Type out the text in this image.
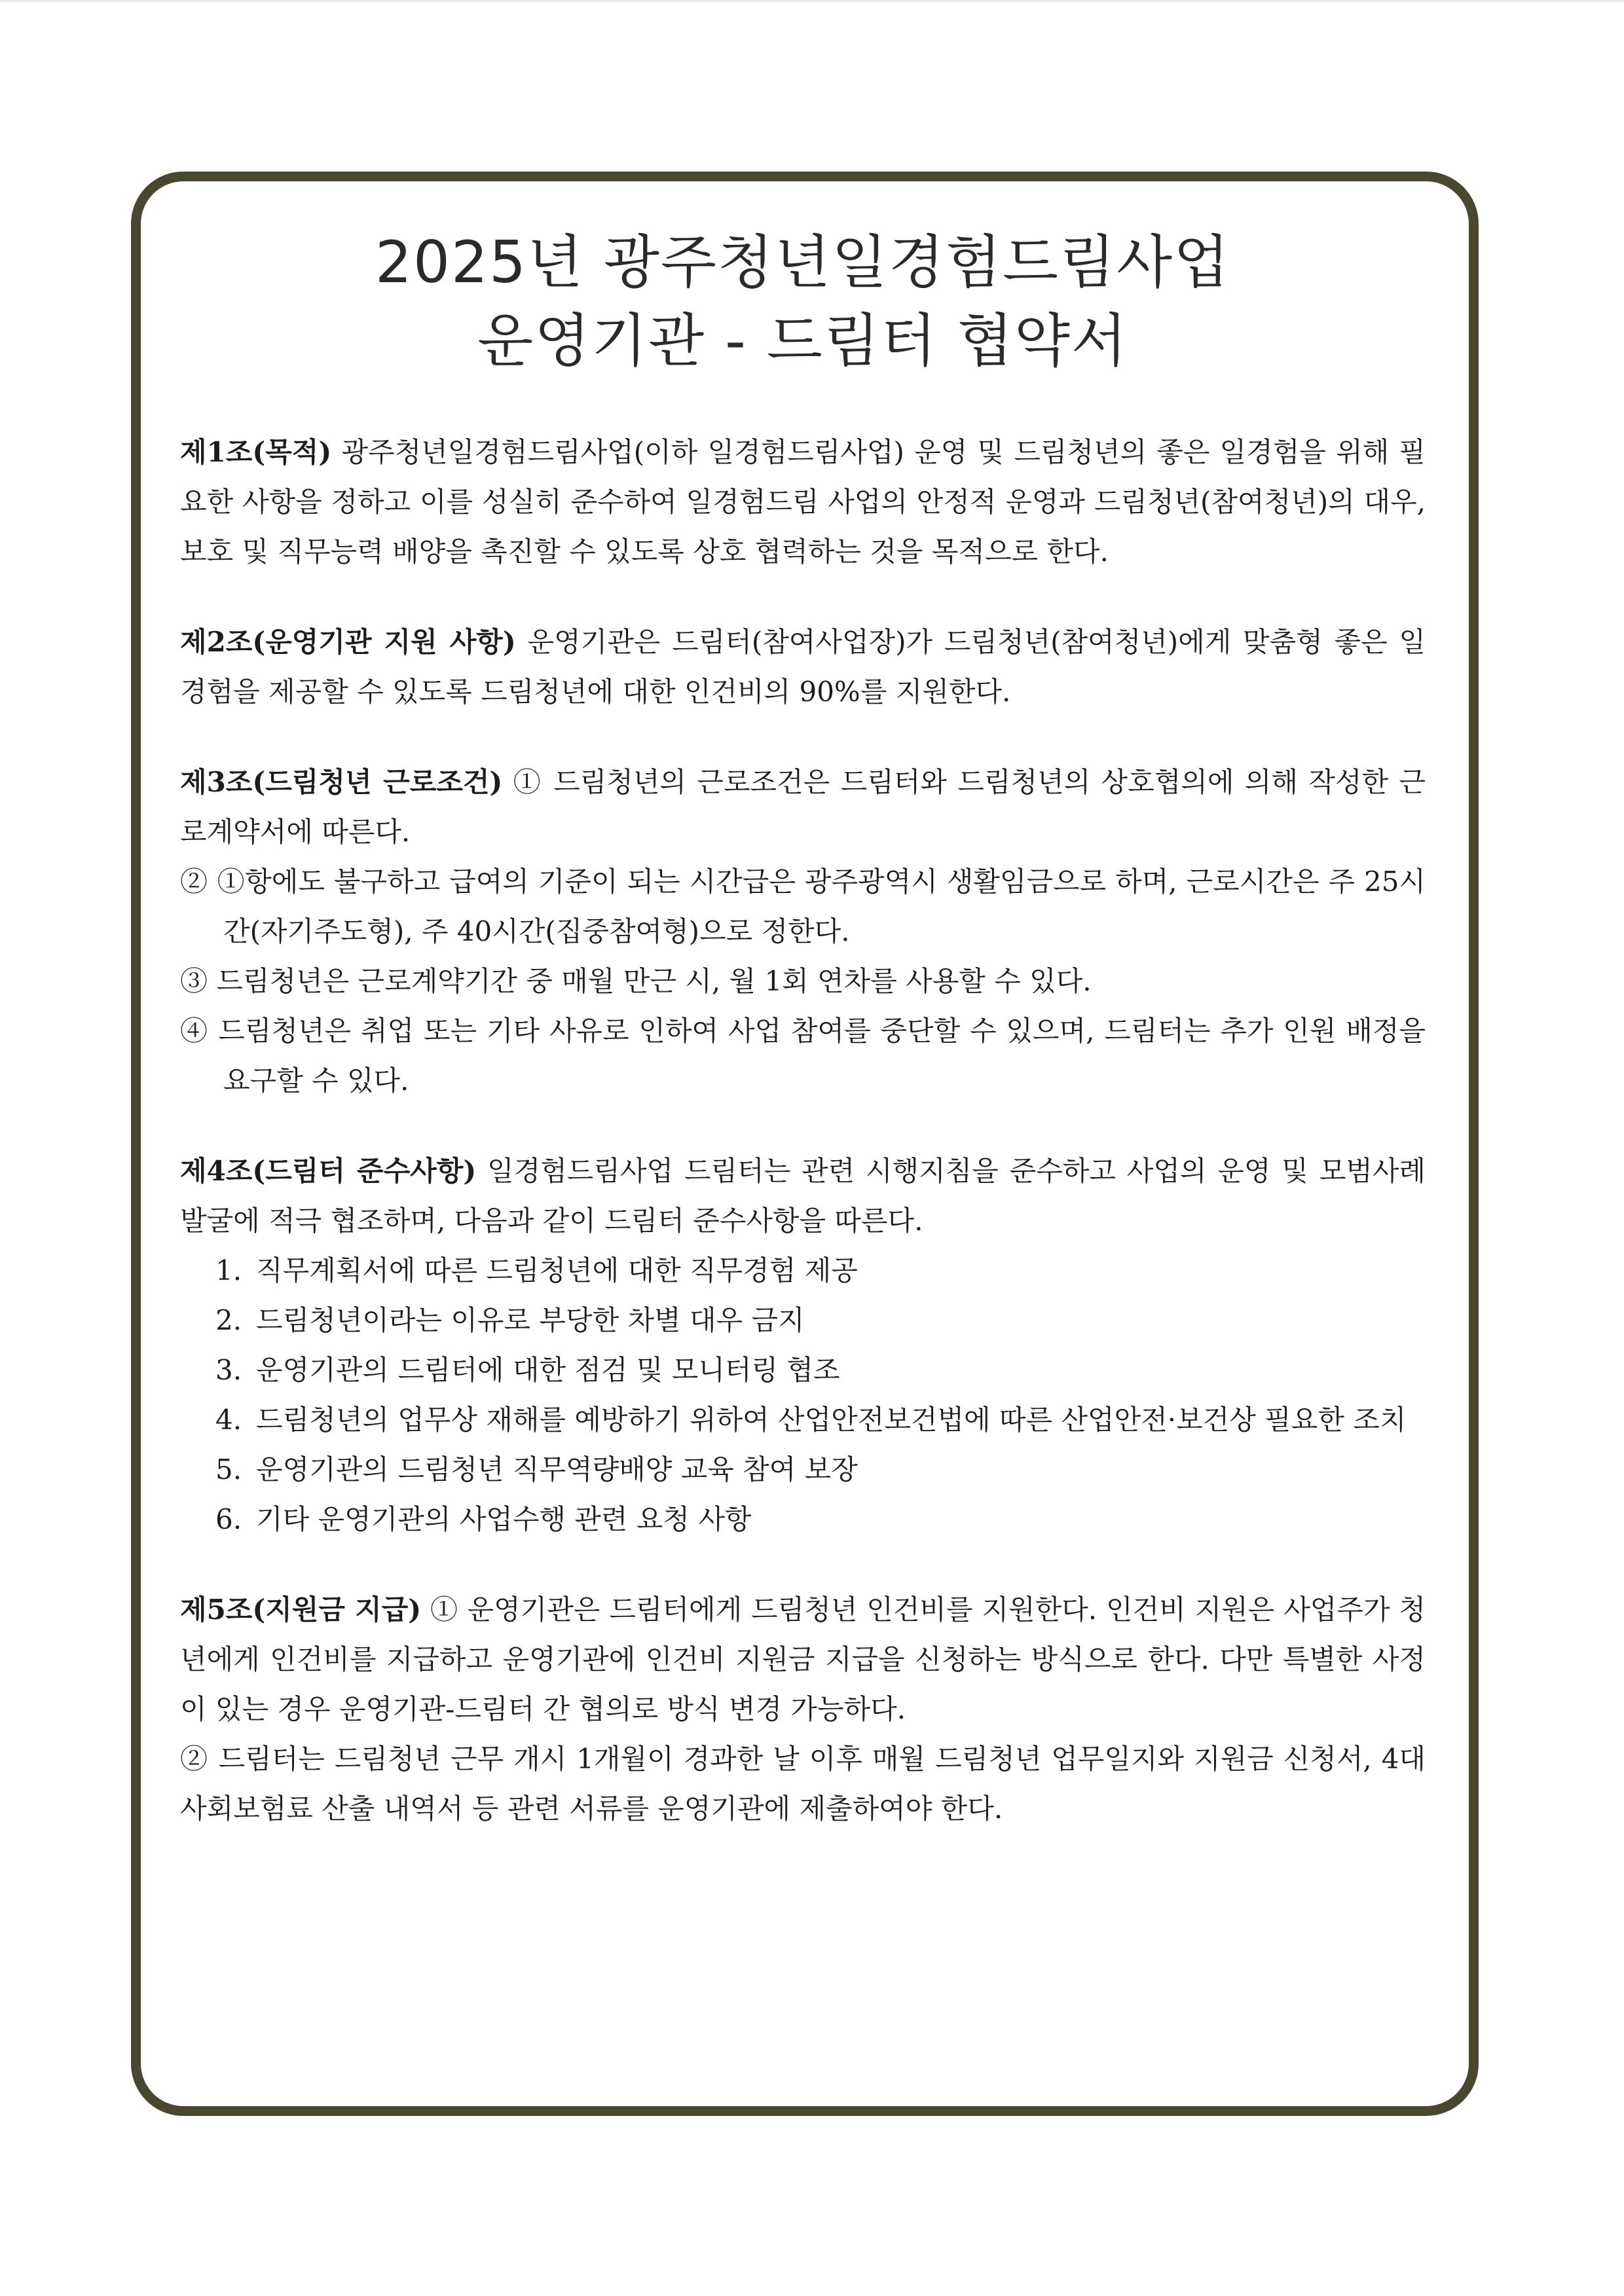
2025년 광주청년일경험드림사업
운영기관 - 드림터 협약서

제1조(목적) 광주청년일경험드림사업(이하 일경험드림사업) 운영 및 드림청년의 좋은 일경험을 위해 필요한 사항을 정하고 이를 성실히 준수하여 일경험드림 사업의 안정적 운영과 드림청년(참여청년)의 대우, 보호 및 직무능력 배양을 촉진할 수 있도록 상호 협력하는 것을 목적으로 한다.

제2조(운영기관 지원 사항) 운영기관은 드림터(참여사업장)가 드림청년(참여청년)에게 맞춤형 좋은 일경험을 제공할 수 있도록 드림청년에 대한 인건비의 90%를 지원한다.

제3조(드림청년 근로조건) ① 드림청년의 근로조건은 드림터와 드림청년의 상호협의에 의해 작성한 근로계약서에 따른다.

② ①항에도 불구하고 급여의 기준이 되는 시간급은 광주광역시 생활임금으로 하며, 근로시간은 주 25시간(자기주도형), 주 40시간(집중참여형)으로 정한다.

③ 드림청년은 근로계약기간 중 매월 만근 시, 월 1회 연차를 사용할 수 있다.

④ 드림청년은 취업 또는 기타 사유로 인하여 사업 참여를 중단할 수 있으며, 드림터는 추가 인원 배정을 요구할 수 있다.

제4조(드림터 준수사항) 일경험드림사업 드림터는 관련 시행지침을 준수하고 사업의 운영 및 모범사례 발굴에 적극 협조하며, 다음과 같이 드림터 준수사항을 따른다.

1. 직무계획서에 따른 드림청년에 대한 직무경험 제공
2. 드림청년이라는 이유로 부당한 차별 대우 금지
3. 운영기관의 드림터에 대한 점검 및 모니터링 협조
4. 드림청년의 업무상 재해를 예방하기 위하여 산업안전보건법에 따른 산업안전·보건상 필요한 조치
5. 운영기관의 드림청년 직무역량배양 교육 참여 보장
6. 기타 운영기관의 사업수행 관련 요청 사항

제5조(지원금 지급) ① 운영기관은 드림터에게 드림청년 인건비를 지원한다. 인건비 지원은 사업주가 청년에게 인건비를 지급하고 운영기관에 인건비 지원금 지급을 신청하는 방식으로 한다. 다만 특별한 사정이 있는 경우 운영기관-드림터 간 협의로 방식 변경 가능하다.

② 드림터는 드림청년 근무 개시 1개월이 경과한 날 이후 매월 드림청년 업무일지와 지원금 신청서, 4대 사회보험료 산출 내역서 등 관련 서류를 운영기관에 제출하여야 한다.
